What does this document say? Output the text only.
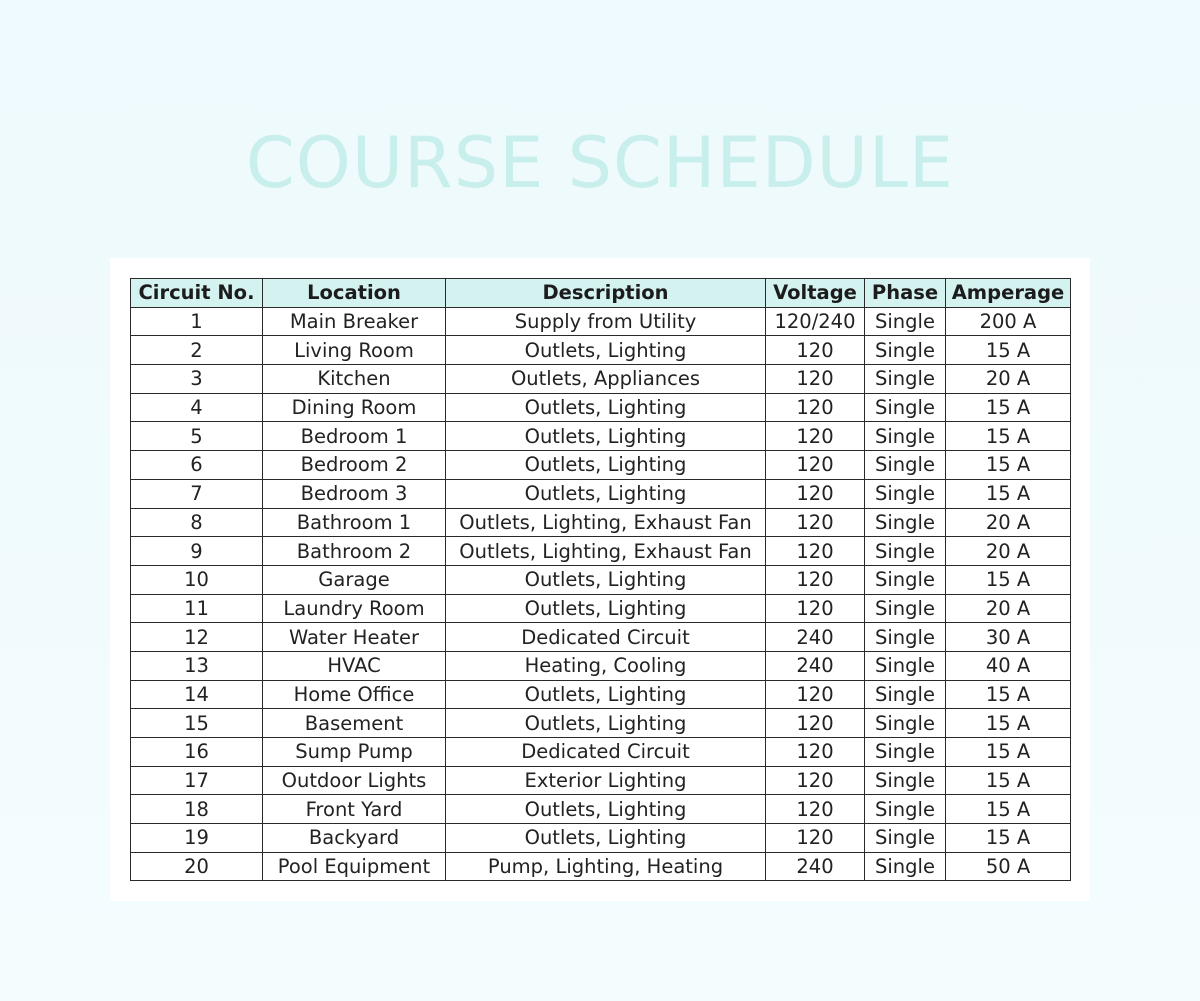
COURSE SCHEDULE
Circuit No.	Location	Description	Voltage	Phase	Amperage
1	Main Breaker	Supply from Utility	120/240	Single	200 A
2	Living Room	Outlets, Lighting	120	Single	15 A
3	Kitchen	Outlets, Appliances	120	Single	20 A
4	Dining Room	Outlets, Lighting	120	Single	15 A
5	Bedroom 1	Outlets, Lighting	120	Single	15 A
6	Bedroom 2	Outlets, Lighting	120	Single	15 A
7	Bedroom 3	Outlets, Lighting	120	Single	15 A
8	Bathroom 1	Outlets, Lighting, Exhaust Fan	120	Single	20 A
9	Bathroom 2	Outlets, Lighting, Exhaust Fan	120	Single	20 A
10	Garage	Outlets, Lighting	120	Single	15 A
11	Laundry Room	Outlets, Lighting	120	Single	20 A
12	Water Heater	Dedicated Circuit	240	Single	30 A
13	HVAC	Heating, Cooling	240	Single	40 A
14	Home Office	Outlets, Lighting	120	Single	15 A
15	Basement	Outlets, Lighting	120	Single	15 A
16	Sump Pump	Dedicated Circuit	120	Single	15 A
17	Outdoor Lights	Exterior Lighting	120	Single	15 A
18	Front Yard	Outlets, Lighting	120	Single	15 A
19	Backyard	Outlets, Lighting	120	Single	15 A
20	Pool Equipment	Pump, Lighting, Heating	240	Single	50 A
